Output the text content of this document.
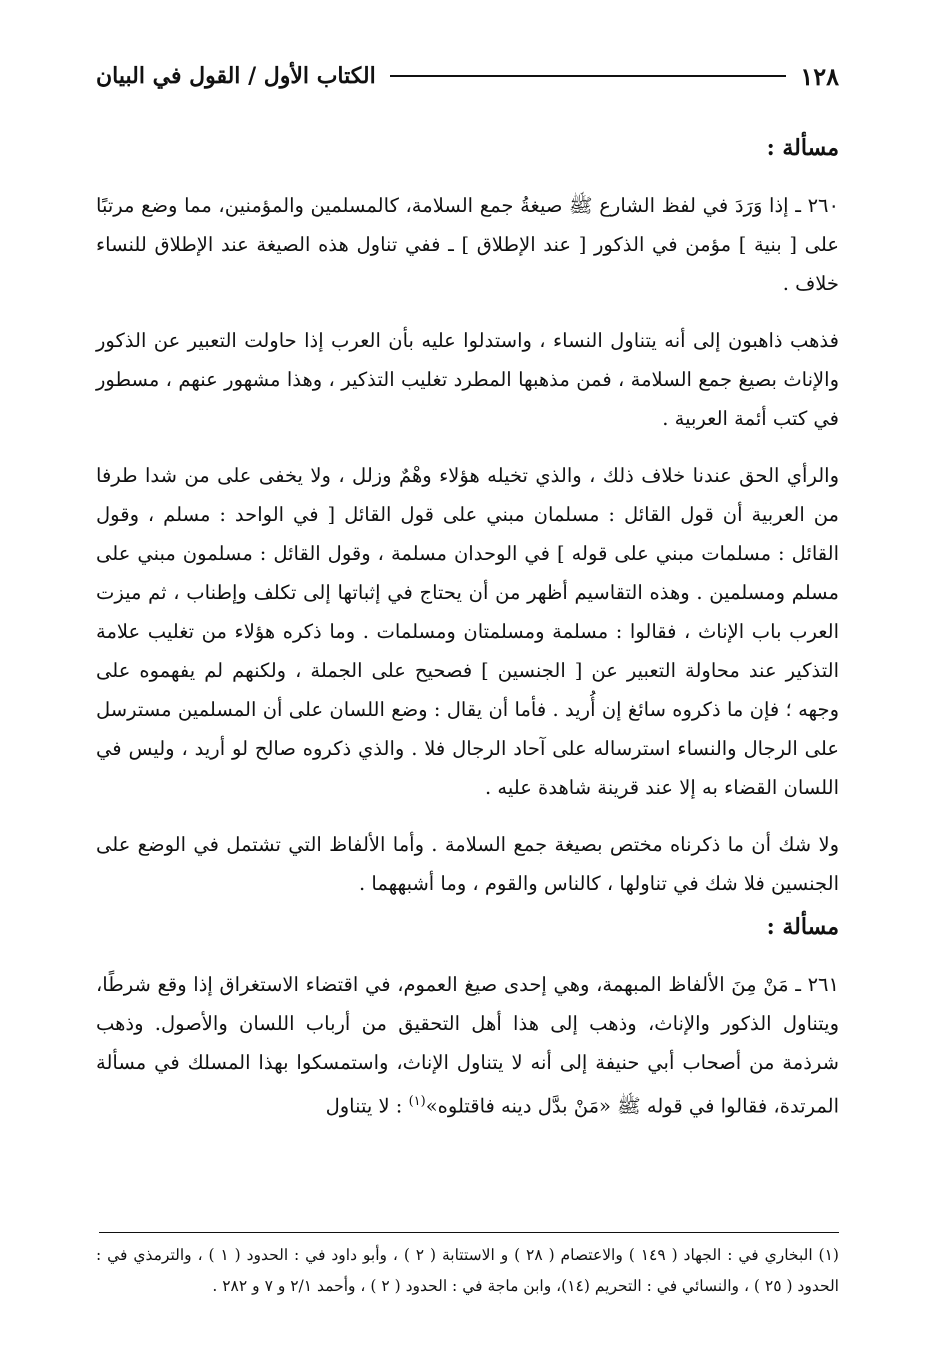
١٢٨
الكتاب الأول / القول في البيان

مسألة :

٢٦٠ ـ إذا وَرَدَ في لفظ الشارع ﷺ صيغةُ جمع السلامة، كالمسلمين والمؤمنين، مما وضع مرتبًا على [ بنية ] مؤمن في الذكور [ عند الإطلاق ] ـ ففي تناول هذه الصيغة عند الإطلاق للنساء خلاف .

فذهب ذاهبون إلى أنه يتناول النساء ، واستدلوا عليه بأن العرب إذا حاولت التعبير عن الذكور والإناث بصيغ جمع السلامة ، فمن مذهبها المطرد تغليب التذكير ، وهذا مشهور عنهم ، مسطور في كتب أئمة العربية .

والرأي الحق عندنا خلاف ذلك ، والذي تخيله هؤلاء وهْمٌ وزلل ، ولا يخفى على من شدا طرفا من العربية أن قول القائل : مسلمان مبني على قول القائل [ في الواحد : مسلم ، وقول القائل : مسلمات مبني على قوله ] في الوحدان مسلمة ، وقول القائل : مسلمون مبني على مسلم ومسلمين . وهذه التقاسيم أظهر من أن يحتاج في إثباتها إلى تكلف وإطناب ، ثم ميزت العرب باب الإناث ، فقالوا : مسلمة ومسلمتان ومسلمات . وما ذكره هؤلاء من تغليب علامة التذكير عند محاولة التعبير عن [ الجنسين ] فصحيح على الجملة ، ولكنهم لم يفهموه على وجهه ؛ فإن ما ذكروه سائغ إن أُريد . فأما أن يقال : وضع اللسان على أن المسلمين مسترسل على الرجال والنساء استرساله على آحاد الرجال فلا . والذي ذكروه صالح لو أريد ، وليس في اللسان القضاء به إلا عند قرينة شاهدة عليه .

ولا شك أن ما ذكرناه مختص بصيغة جمع السلامة . وأما الألفاظ التي تشتمل في الوضع على الجنسين فلا شك في تناولها ، كالناس والقوم ، وما أشبههما .

مسألة :

٢٦١ ـ مَنْ مِنَ الألفاظ المبهمة، وهي إحدى صيغ العموم، في اقتضاء الاستغراق إذا وقع شرطًا، ويتناول الذكور والإناث، وذهب إلى هذا أهل التحقيق من أرباب اللسان والأصول. وذهب شرذمة من أصحاب أبي حنيفة إلى أنه لا يتناول الإناث، واستمسكوا بهذا المسلك في مسألة المرتدة، فقالوا في قوله ﷺ «مَنْ بدَّل دينه فاقتلوه»$^{(١)}$ : لا يتناول

(١) البخاري في : الجهاد ( ١٤٩ ) والاعتصام ( ٢٨ ) و الاستتابة ( ٢ ) ، وأبو داود في : الحدود ( ١ ) ، والترمذي في : الحدود ( ٢٥ ) ، والنسائي في : التحريم (١٤)، وابن ماجة في : الحدود ( ٢ ) ، وأحمد ٢/١ و ٧ و ٢٨٢ .
